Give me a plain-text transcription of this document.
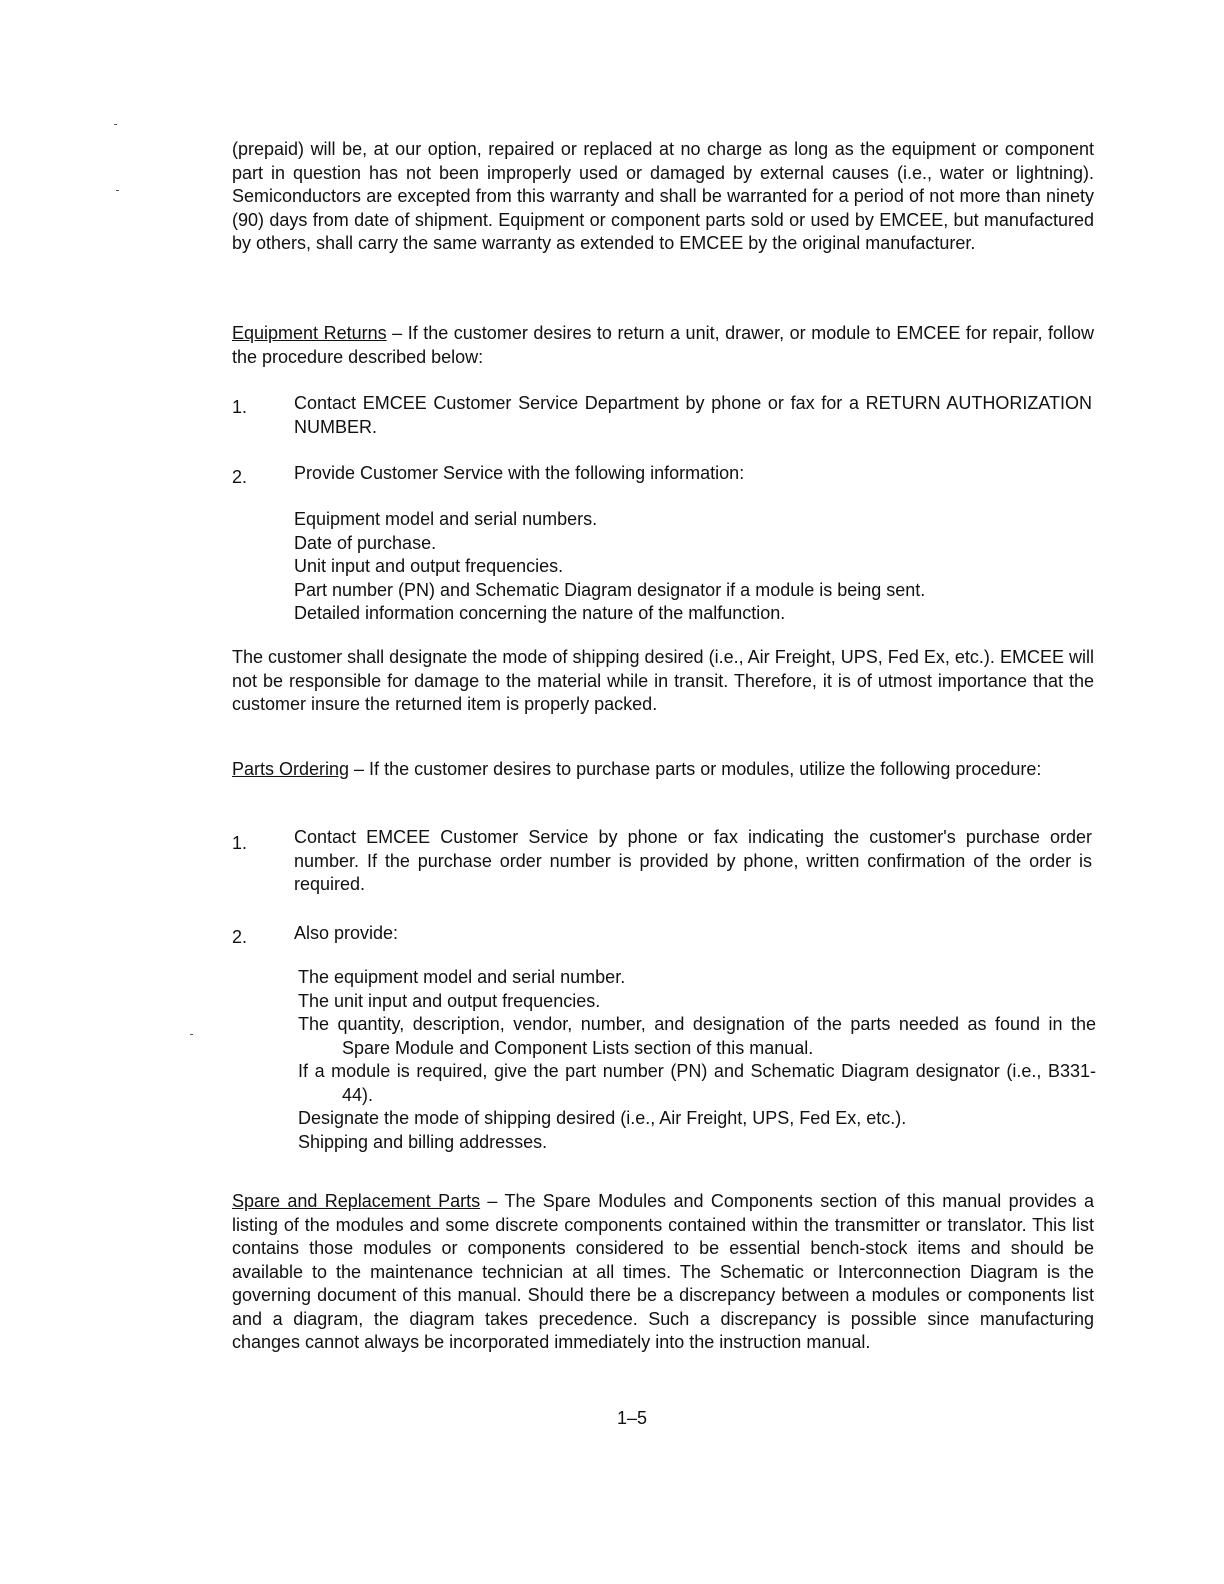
(prepaid) will be, at our option, repaired or replaced at no charge as long as the equipment or component part in question has not been improperly used or damaged by external causes (i.e., water or lightning). Semiconductors are excepted from this warranty and shall be warranted for a period of not more than ninety (90) days from date of shipment. Equipment or component parts sold or used by EMCEE, but manufactured by others, shall carry the same warranty as extended to EMCEE by the original manufacturer.

Equipment Returns – If the customer desires to return a unit, drawer, or module to EMCEE for repair, follow the procedure described below:

1.	Contact EMCEE Customer Service Department by phone or fax for a RETURN AUTHORIZATION NUMBER.

2.	Provide Customer Service with the following information:

Equipment model and serial numbers.
Date of purchase.
Unit input and output frequencies.
Part number (PN) and Schematic Diagram designator if a module is being sent.
Detailed information concerning the nature of the malfunction.

The customer shall designate the mode of shipping desired (i.e., Air Freight, UPS, Fed Ex, etc.). EMCEE will not be responsible for damage to the material while in transit. Therefore, it is of utmost importance that the customer insure the returned item is properly packed.

Parts Ordering – If the customer desires to purchase parts or modules, utilize the following procedure:

1.	Contact EMCEE Customer Service by phone or fax indicating the customer's purchase order number. If the purchase order number is provided by phone, written confirmation of the order is required.

2.	Also provide:

The equipment model and serial number.
The unit input and output frequencies.
The quantity, description, vendor, number, and designation of the parts needed as found in the Spare Module and Component Lists section of this manual.
If a module is required, give the part number (PN) and Schematic Diagram designator (i.e., B331-44).
Designate the mode of shipping desired (i.e., Air Freight, UPS, Fed Ex, etc.).
Shipping and billing addresses.

Spare and Replacement Parts – The Spare Modules and Components section of this manual provides a listing of the modules and some discrete components contained within the transmitter or translator. This list contains those modules or components considered to be essential bench-stock items and should be available to the maintenance technician at all times. The Schematic or Interconnection Diagram is the governing document of this manual. Should there be a discrepancy between a modules or components list and a diagram, the diagram takes precedence. Such a discrepancy is possible since manufacturing changes cannot always be incorporated immediately into the instruction manual.

1–5
